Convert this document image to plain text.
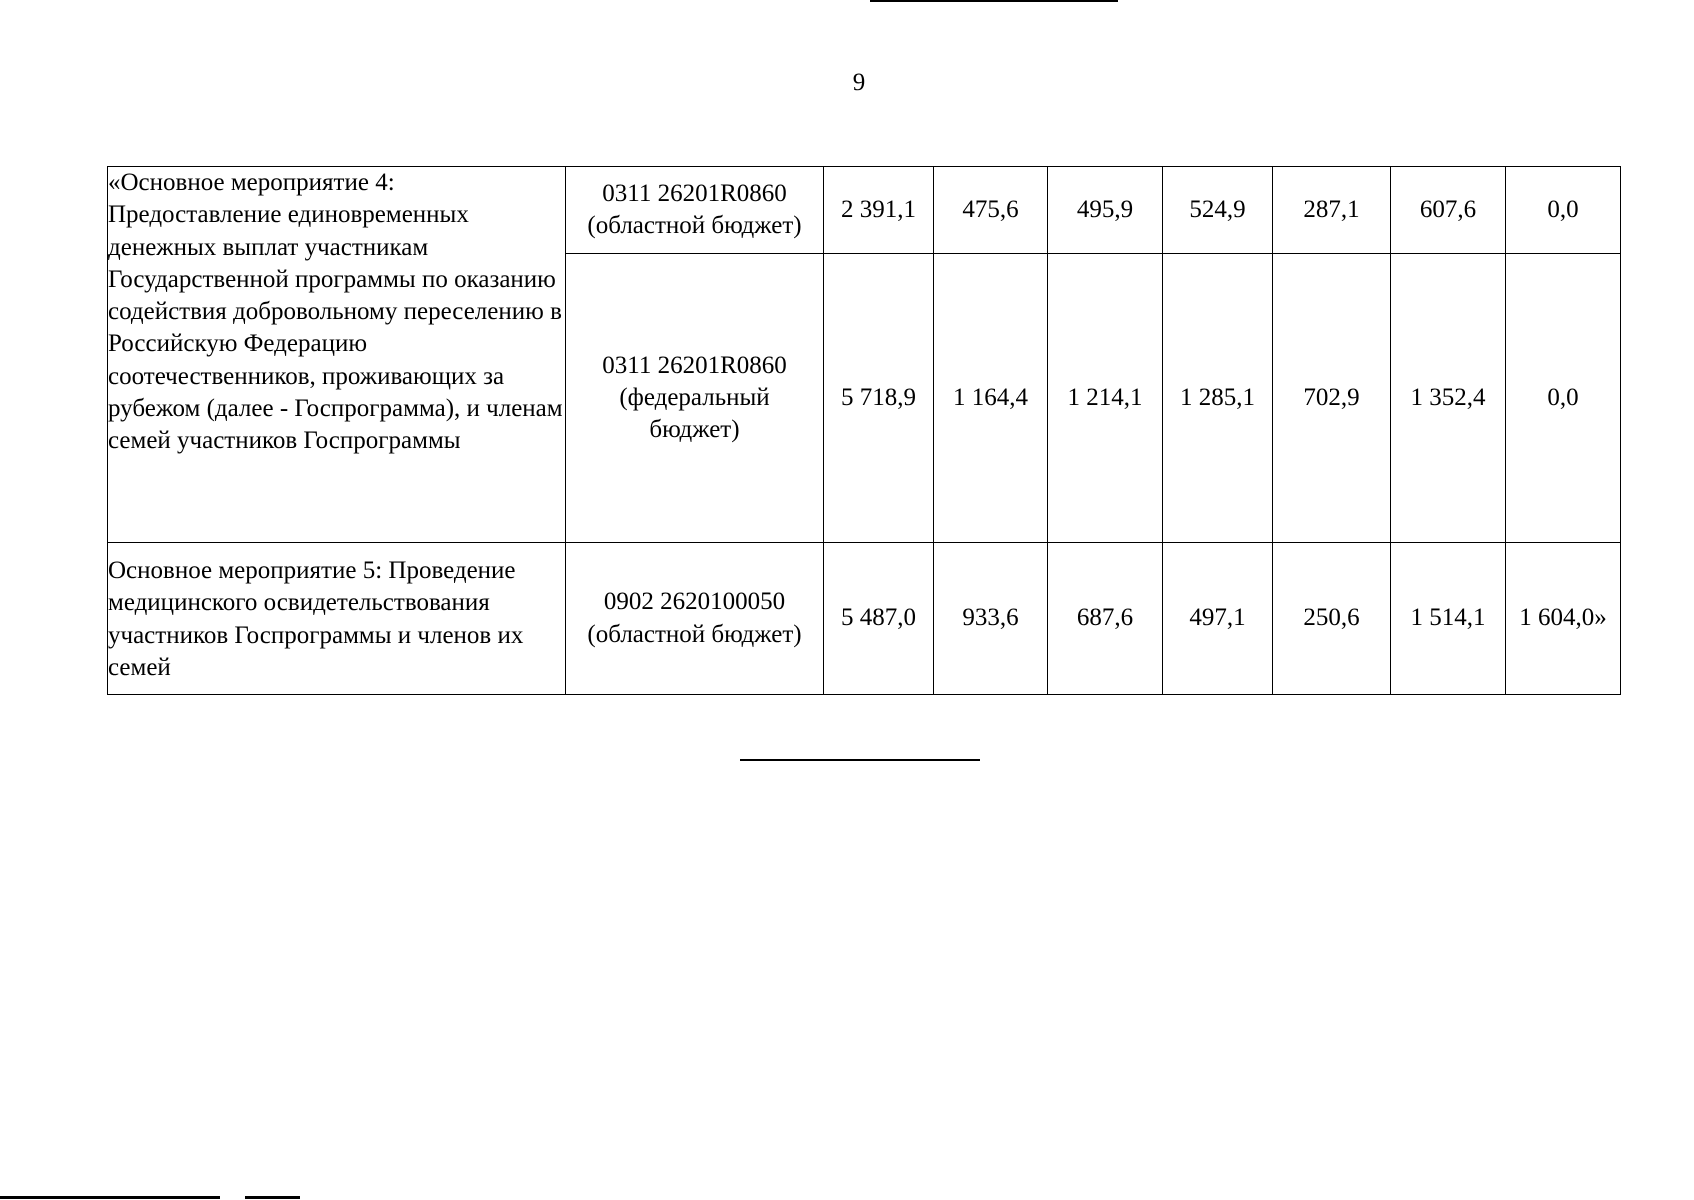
9
«Основное мероприятие 4: Предоставление единовременных денежных выплат участникам Государственной программы по оказанию содействия добровольному переселению в Российскую Федерацию соотечественников, проживающих за рубежом (далее - Госпрограмма), и членам семей участников Госпрограммы	0311 26201R0860
(областной бюджет)	2 391,1	475,6	495,9	524,9	287,1	607,6	0,0

	0311 26201R0860
(федеральный бюджет)	5 718,9	1 164,4	1 214,1	1 285,1	702,9	1 352,4	0,0
Основное мероприятие 5: Проведение медицинского освидетельствования участников Госпрограммы и членов их семей	0902 2620100050
(областной бюджет)	5 487,0	933,6	687,6	497,1	250,6	1 514,1	1 604,0»
